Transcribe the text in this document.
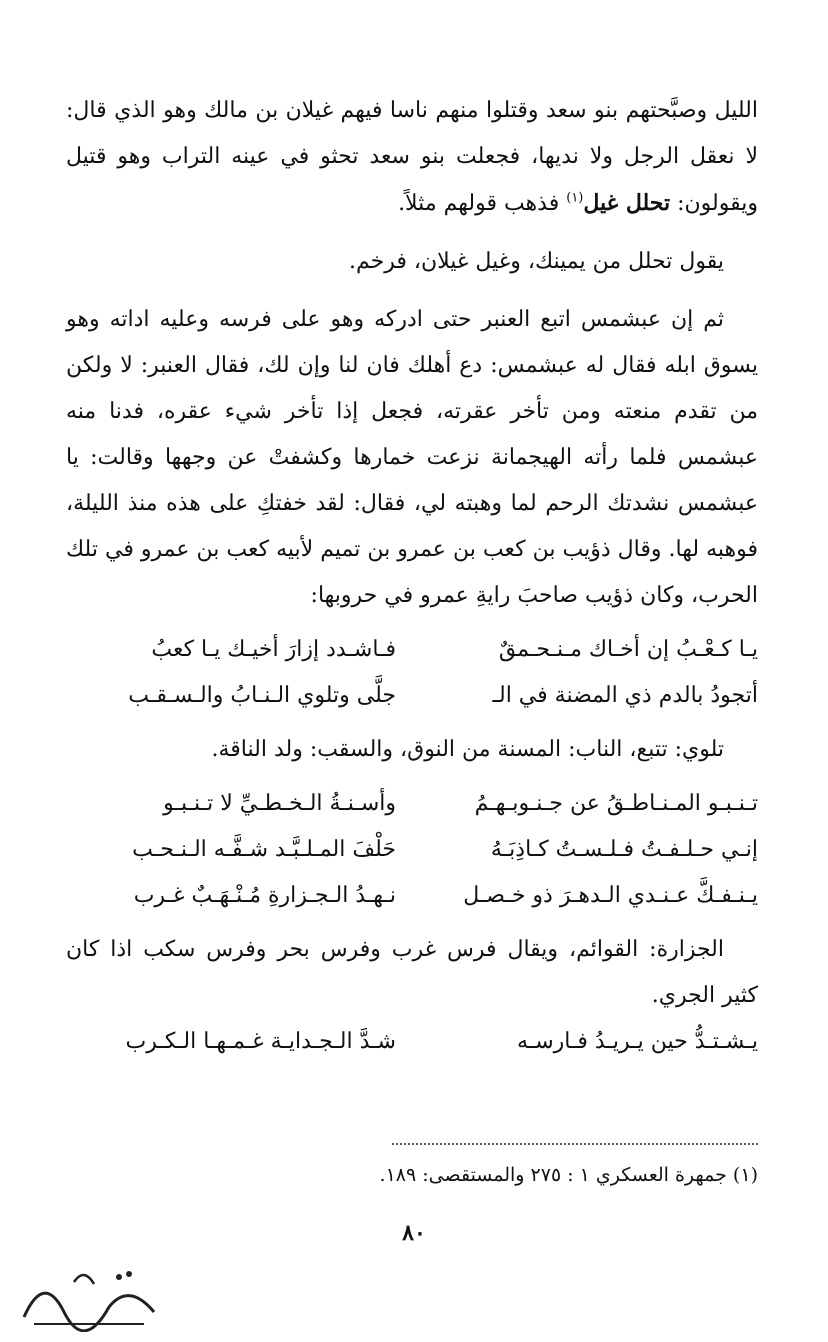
الليل وصبَّحتهم بنو سعد وقتلوا منهم ناسا فيهم غيلان بن مالك وهو الذي قال: لا نعقل الرجل ولا نديها، فجعلت بنو سعد تحثو في عينه التراب وهو قتيل ويقولون: تحلل غيل$^{(١)}$ فذهب قولهم مثلاً.

يقول تحلل من يمينك، وغيل غيلان، فرخم.

ثم إن عبشمس اتبع العنبر حتى ادركه وهو على فرسه وعليه اداته وهو يسوق ابله فقال له عبشمس: دع أهلك فان لنا وإن لك، فقال العنبر: لا ولكن من تقدم منعته ومن تأخر عقرته، فجعل إذا تأخر شيء عقره، فدنا منه عبشمس فلما رأته الهيجمانة نزعت خمارها وكشفتْ عن وجهها وقالت: يا عبشمس نشدتك الرحم لما وهبته لي، فقال: لقد خفتكِ على هذه منذ الليلة، فوهبه لها. وقال ذؤيب بن كعب بن عمرو بن تميم لأبيه كعب بن عمرو في تلك الحرب، وكان ذؤيب صاحبَ رايةِ عمرو في حروبها:

يـا كـعْـبُ إن أخـاك مـنـحـمقٌ
فـاشـدد إزارَ أخيـك يـا كعبُ
أتجودُ بالدم ذي المضنة في الـ
جلَّى وتلوي الـنـابُ والـسـقـب

تلوي: تتبع، الناب: المسنة من النوق، والسقب: ولد الناقة.

تـنـبـو المـنـاطـقُ عن جـنـوبـهـمُ
وأسـنـةُ الـخـطـيِّ لا تـنـبـو
إنـي حـلـفـتُ فـلـسـتُ كـاذِبَـهُ
حَلْفَ المـلـبَّـد شـفَّـه الـنـحـب
يـنـفـكَّ عـنـدي الـدهـرَ ذو خـصـل
نـهـدُ الـجـزارةِ مُـنْـهَـبٌ غـرب

الجزارة: القوائم، ويقال فرس غرب وفرس بحر وفرس سكب اذا كان كثير الجري.

يـشـتـدُّ حين يـريـدُ فـارسـه
شـدَّ الـجـدايـة غـمـهـا الـكـرب
(١) جمهرة العسكري ١ : ٢٧٥ والمستقصى: ١٨٩.
٨٠
